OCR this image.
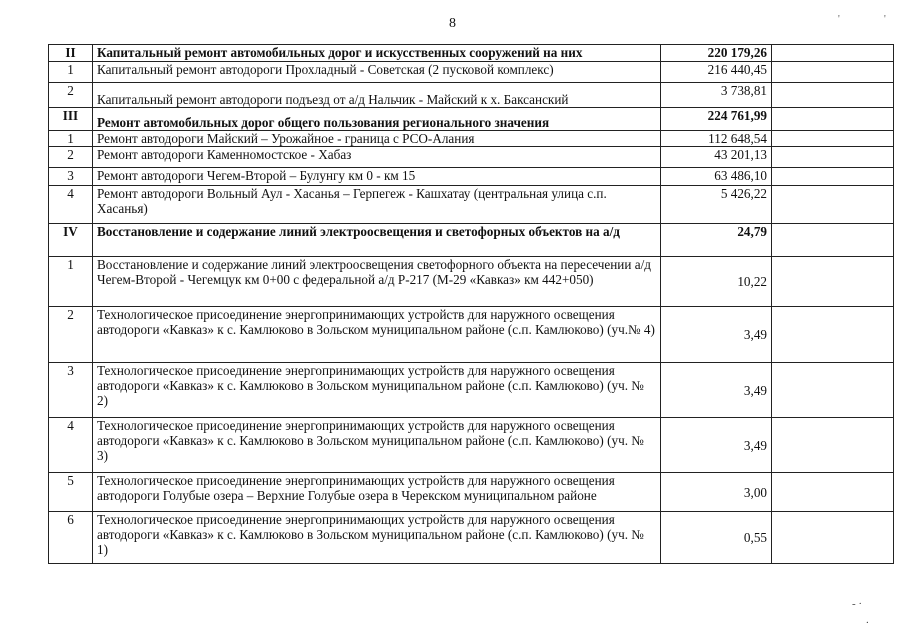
8	'	'
II	Капитальный ремонт автомобильных дорог и искусственных сооружений на них	220 179,26	
1	Капитальный ремонт автодороги Прохладный - Советская (2 пусковой комплекс)	216 440,45	
2	Капитальный ремонт автодороги подъезд от а/д Нальчик - Майский к х. Баксанский	3 738,81	
III	Ремонт автомобильных дорог общего пользования регионального значения	224 761,99	
1	Ремонт автодороги Майский – Урожайное - граница с РСО-Алания	112 648,54	
2	Ремонт автодороги Каменномостское - Хабаз	43 201,13	
3	Ремонт автодороги Чегем-Второй – Булунгу км 0 - км 15	63 486,10	
4	Ремонт автодороги Вольный Аул - Хасанья – Герпегеж - Кашхатау (центральная улица с.п. Хасанья)	5 426,22	
IV	Восстановление и содержание линий электроосвещения и светофорных объектов на а/д	24,79	
1	Восстановление и содержание линий электроосвещения светофорного объекта на пересечении а/д Чегем-Второй - Чегемцук км 0+00 с федеральной а/д Р-217 (М-29 «Кавказ» км 442+050)	10,22	
2	Технологическое присоединение энергопринимающих устройств для наружного освещения автодороги «Кавказ» к с. Камлюково в Зольском муниципальном районе (с.п. Камлюково) (уч.№ 4)	3,49	
3	Технологическое присоединение энергопринимающих устройств для наружного освещения автодороги «Кавказ» к с. Камлюково в Зольском муниципальном районе (с.п. Камлюково) (уч. № 2)	3,49	
4	Технологическое присоединение энергопринимающих устройств для наружного освещения автодороги «Кавказ» к с. Камлюково в Зольском муниципальном районе (с.п. Камлюково) (уч. № 3)	3,49	
5	Технологическое присоединение энергопринимающих устройств для наружного освещения автодороги Голубые озера – Верхние Голубые озера в Черекском муниципальном районе	3,00	
6	Технологическое присоединение энергопринимающих устройств для наружного освещения автодороги «Кавказ» к с. Камлюково в Зольском муниципальном районе (с.п. Камлюково) (уч. № 1)	0,55	
- ·
.
